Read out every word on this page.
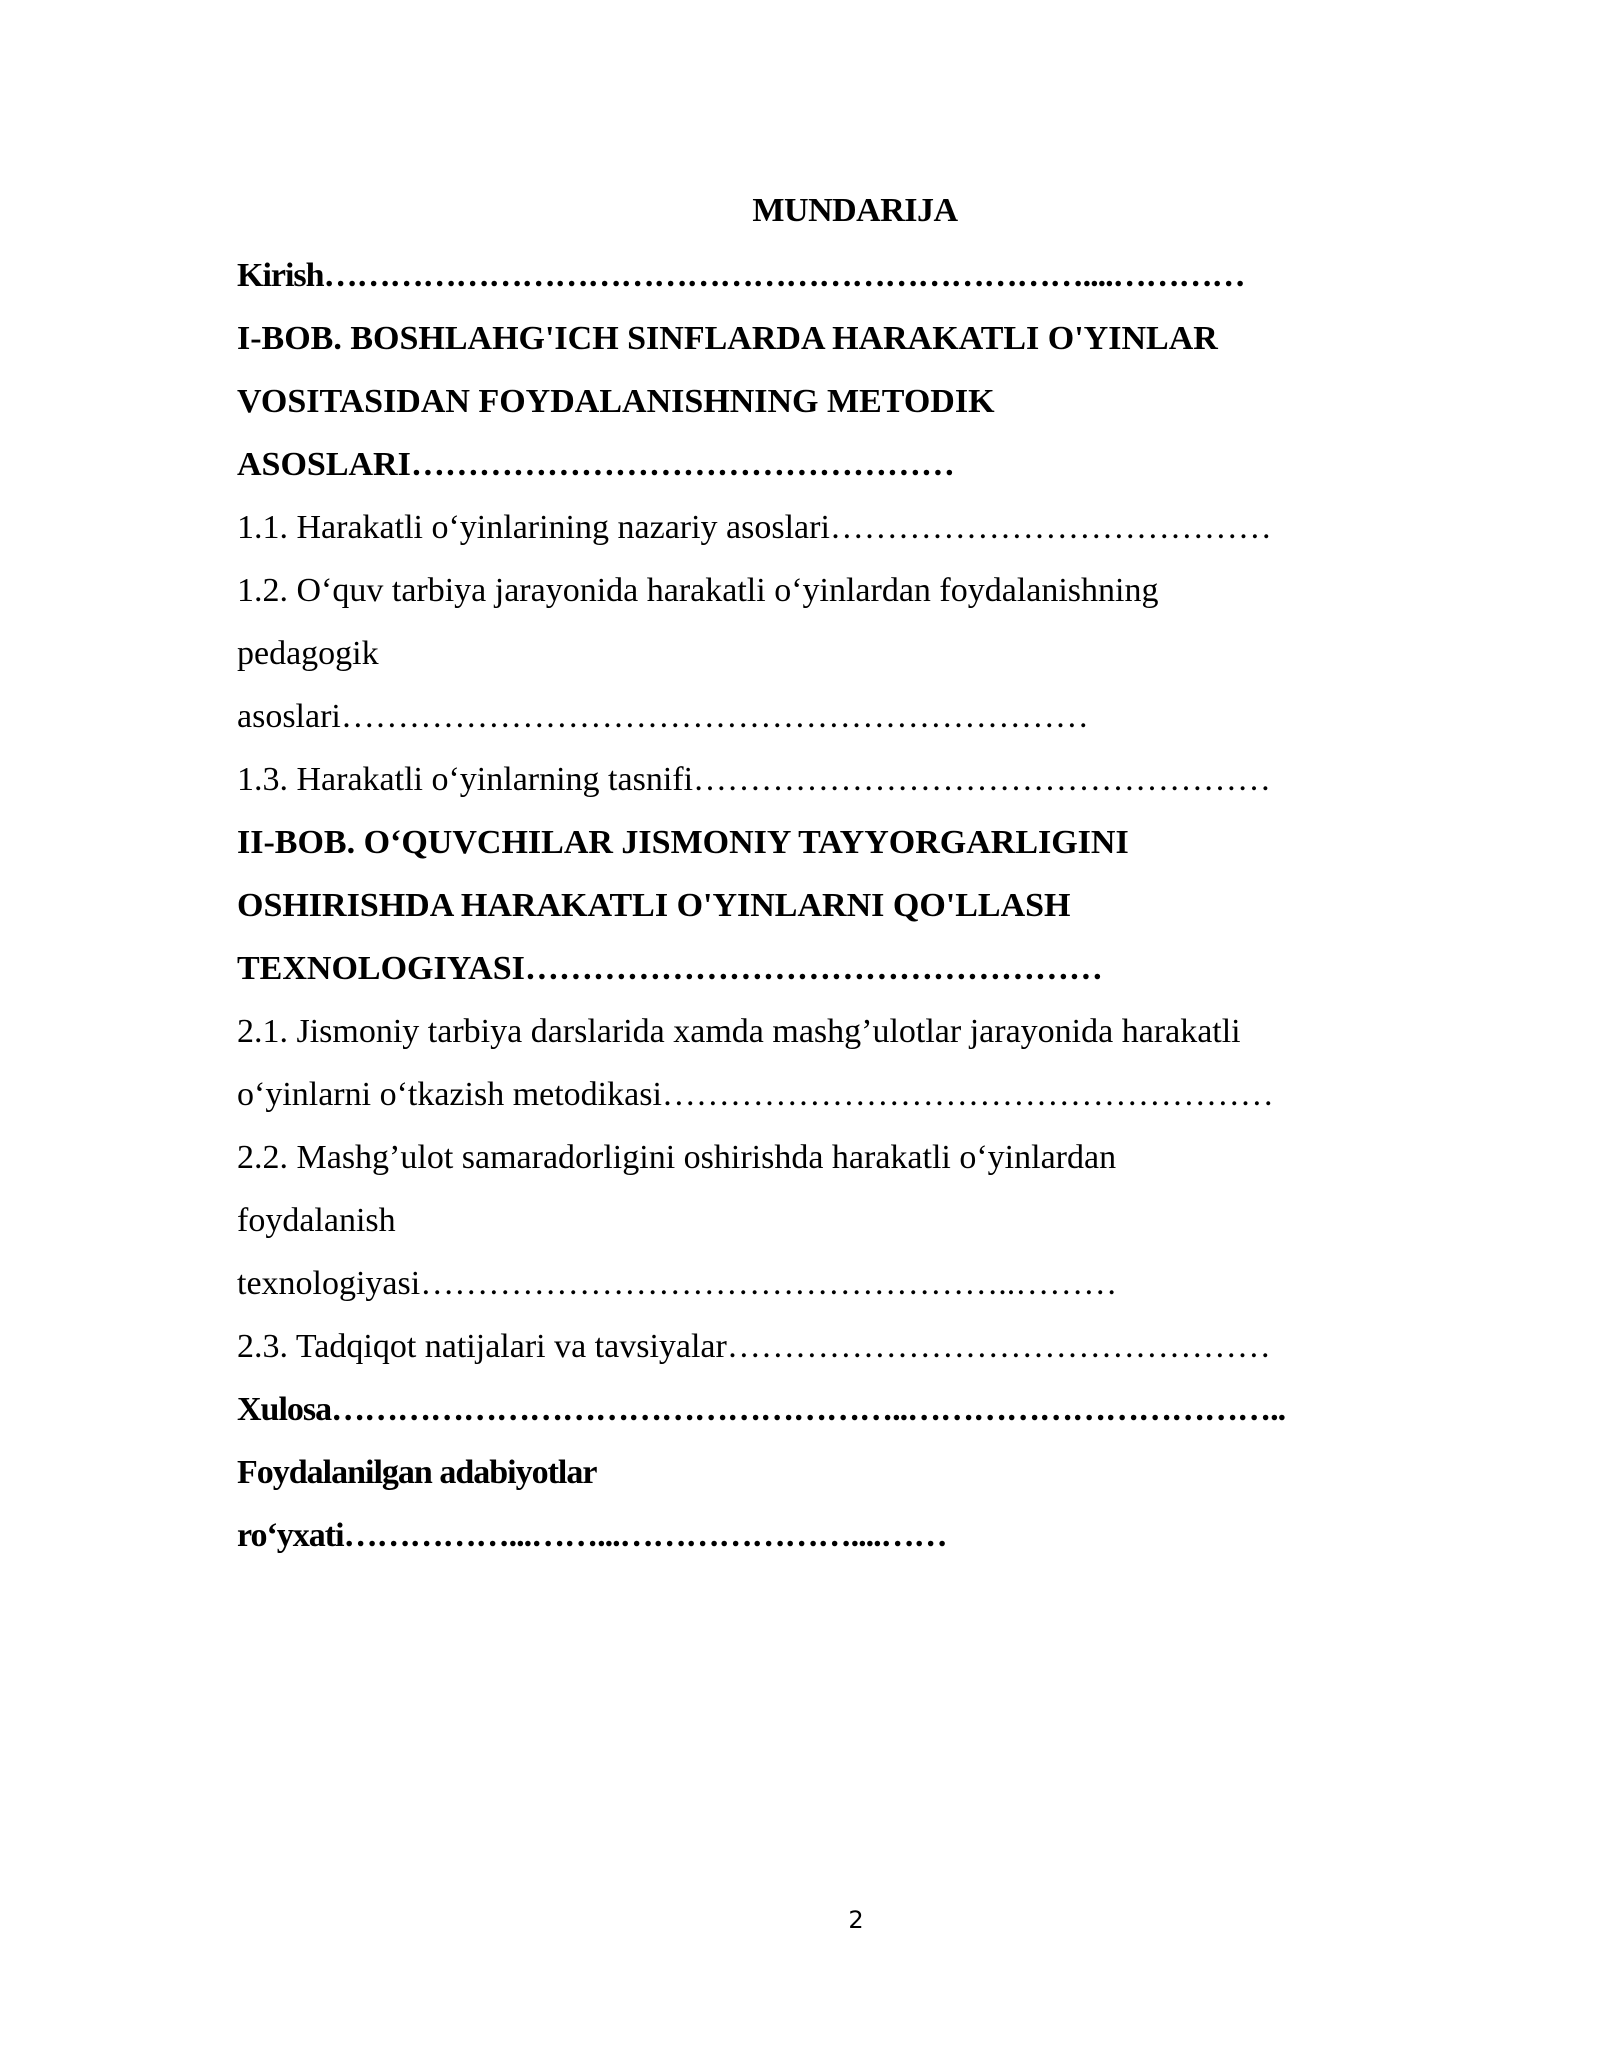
MUNDARIJA
Kirish……………………………………………………………....…………
I-BOB. BOSHLAHG'ICH SINFLARDA HARAKATLI O'YINLAR
VOSITASIDAN FOYDALANISHNING METODIK
ASOSLARI…………………………………………
1.1. Harakatli o‘yinlarining nazariy asoslari…………………………………
1.2. O‘quv tarbiya jarayonida harakatli o‘yinlardan foydalanishning
pedagogik
asoslari…………………………………………………………
1.3. Harakatli o‘yinlarning tasnifi……………………………………………
II-BOB. O‘QUVCHILAR JISMONIY TAYYORGARLIGINI
OSHIRISHDA HARAKATLI O'YINLARNI QO'LLASH
TEXNOLOGIYASI……………………………………………
2.1. Jismoniy tarbiya darslarida xamda mashg’ulotlar jarayonida harakatli
o‘yinlarni o‘tkazish metodikasi………………………………………………
2.2. Mashg’ulot samaradorligini oshirishda harakatli o‘yinlardan
foydalanish
texnologiyasi……………………………………………..………
2.3. Tadqiqot natijalari va tavsiyalar…………………………………………
Xulosa……………………………………………..……………………………..
Foydalanilgan adabiyotlar
ro‘yxati……………...……...…………………....……
2
